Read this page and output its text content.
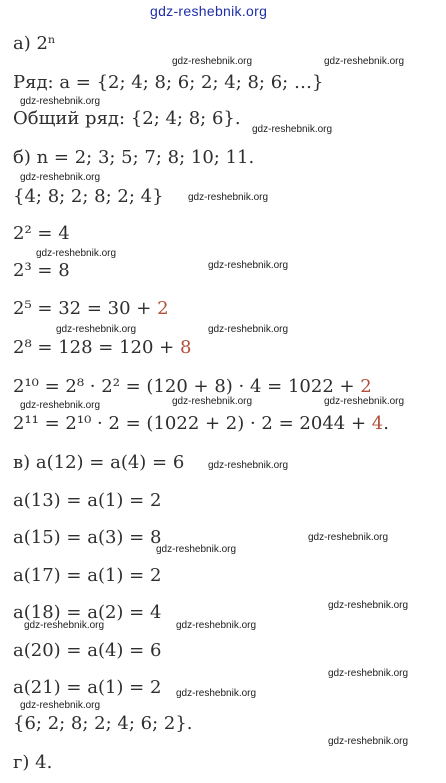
gdz-reshebnik.org
а) 2ⁿ
Ряд: a = {2; 4; 8; 6; 2; 4; 8; 6; …}
Общий ряд: {2; 4; 8; 6}.
б) n = 2; 3; 5; 7; 8; 10; 11.
{4; 8; 2; 8; 2; 4}
2² = 4
2³ = 8
2⁵ = 32 = 30 + 2
2⁸ = 128 = 120 + 8
2¹⁰ = 2⁸ · 2² = (120 + 8) · 4 = 1022 + 2
2¹¹ = 2¹⁰ · 2 = (1022 + 2) · 2 = 2044 + 4.
в) a(12) = a(4) = 6
a(13) = a(1) = 2
a(15) = a(3) = 8
a(17) = a(1) = 2
a(18) = a(2) = 4
a(20) = a(4) = 6
a(21) = a(1) = 2
{6; 2; 8; 2; 4; 6; 2}.
г) 4.
gdz-reshebnik.org	gdz-reshebnik.org
gdz-reshebnik.org
gdz-reshebnik.org
gdz-reshebnik.org
gdz-reshebnik.org
gdz-reshebnik.org
gdz-reshebnik.org
gdz-reshebnik.org	gdz-reshebnik.org
gdz-reshebnik.org	gdz-reshebnik.org	gdz-reshebnik.org
gdz-reshebnik.org
gdz-reshebnik.org
gdz-reshebnik.org
gdz-reshebnik.org
gdz-reshebnik.org	gdz-reshebnik.org
gdz-reshebnik.org
gdz-reshebnik.org
gdz-reshebnik.org
gdz-reshebnik.org
